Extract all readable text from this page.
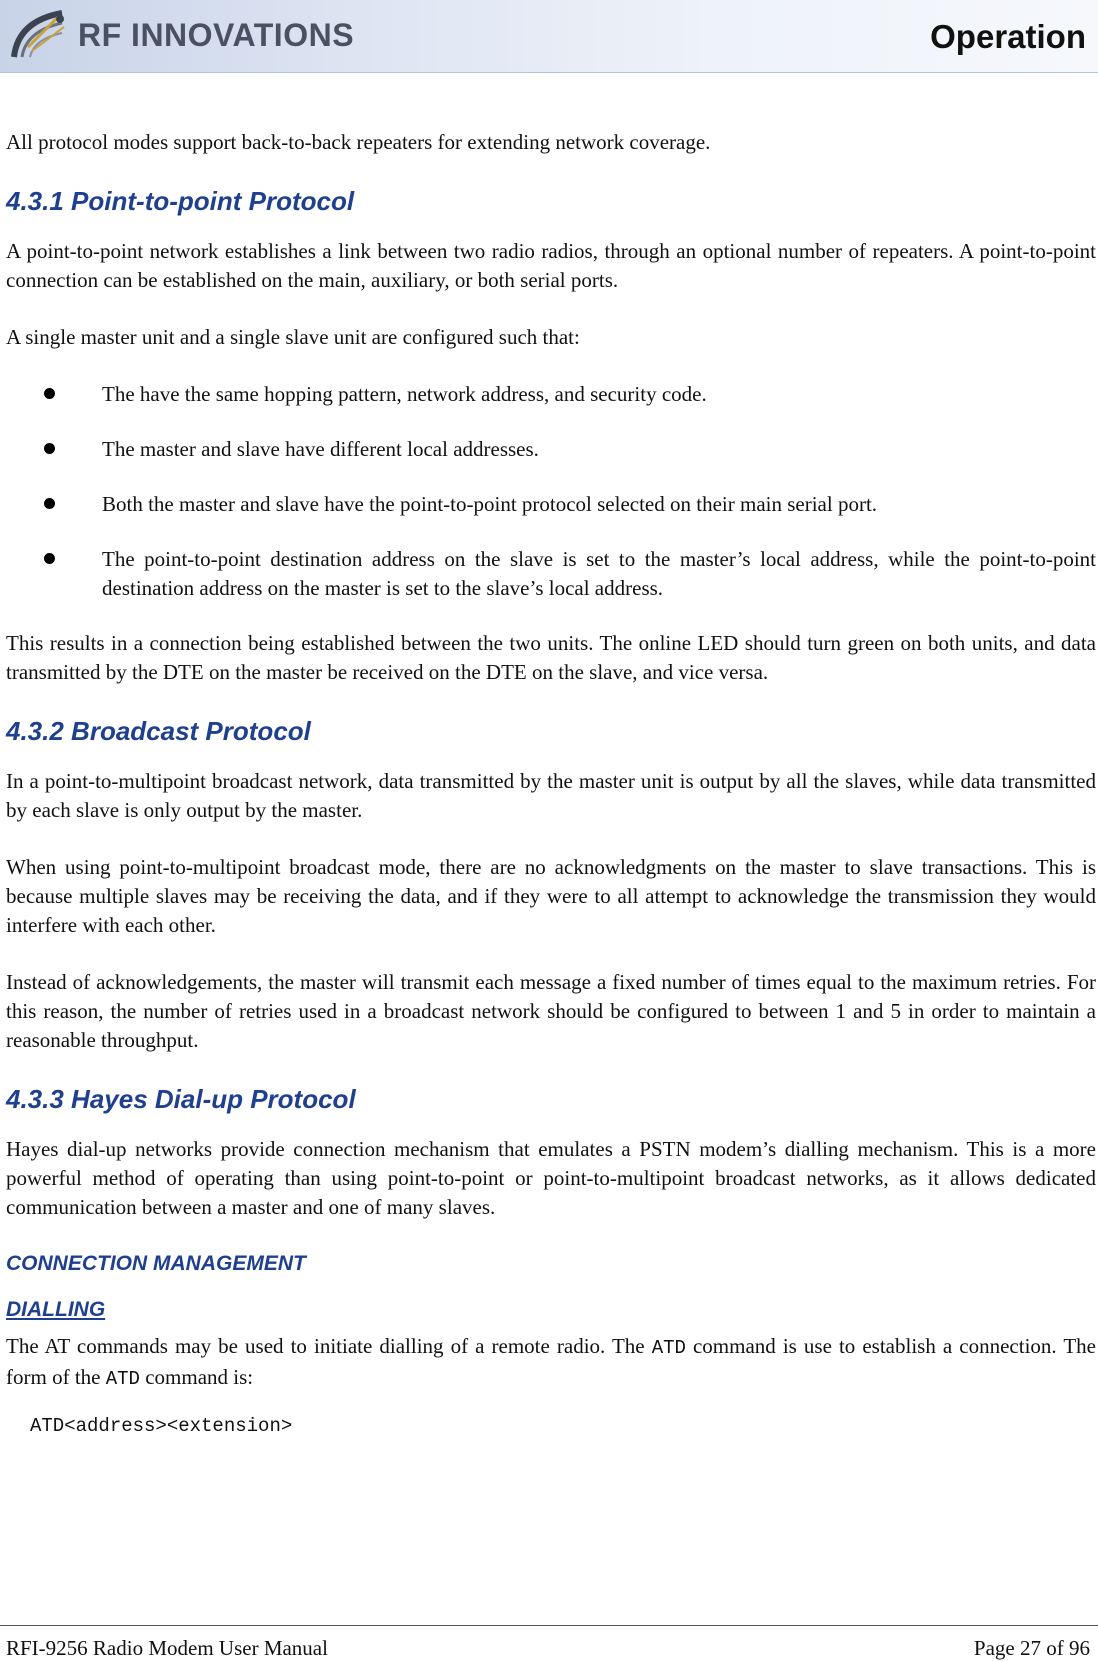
RF INNOVATIONS	Operation

All protocol modes support back-to-back repeaters for extending network coverage.

4.3.1 Point-to-point Protocol

A point-to-point network establishes a link between two radio radios, through an optional number of repeaters. A point-to-point connection can be established on the main, auxiliary, or both serial ports.

A single master unit and a single slave unit are configured such that:

The have the same hopping pattern, network address, and security code.
The master and slave have different local addresses.
Both the master and slave have the point-to-point protocol selected on their main serial port.
The point-to-point destination address on the slave is set to the master’s local address, while the point-to-point destination address on the master is set to the slave’s local address.

This results in a connection being established between the two units. The online LED should turn green on both units, and data transmitted by the DTE on the master be received on the DTE on the slave, and vice versa.

4.3.2 Broadcast Protocol

In a point-to-multipoint broadcast network, data transmitted by the master unit is output by all the slaves, while data transmitted by each slave is only output by the master.

When using point-to-multipoint broadcast mode, there are no acknowledgments on the master to slave transactions. This is because multiple slaves may be receiving the data, and if they were to all attempt to acknowledge the transmission they would interfere with each other.

Instead of acknowledgements, the master will transmit each message a fixed number of times equal to the maximum retries. For this reason, the number of retries used in a broadcast network should be configured to between 1 and 5 in order to maintain a reasonable throughput.

4.3.3 Hayes Dial-up Protocol

Hayes dial-up networks provide connection mechanism that emulates a PSTN modem’s dialling mechanism. This is a more powerful method of operating than using point-to-point or point-to-multipoint broadcast networks, as it allows dedicated communication between a master and one of many slaves.

CONNECTION MANAGEMENT
DIALLING

The AT commands may be used to initiate dialling of a remote radio. The ATD command is use to establish a connection. The form of the ATD command is:

ATD<address><extension>
RFI-9256 Radio Modem User Manual	Page 27 of 96
